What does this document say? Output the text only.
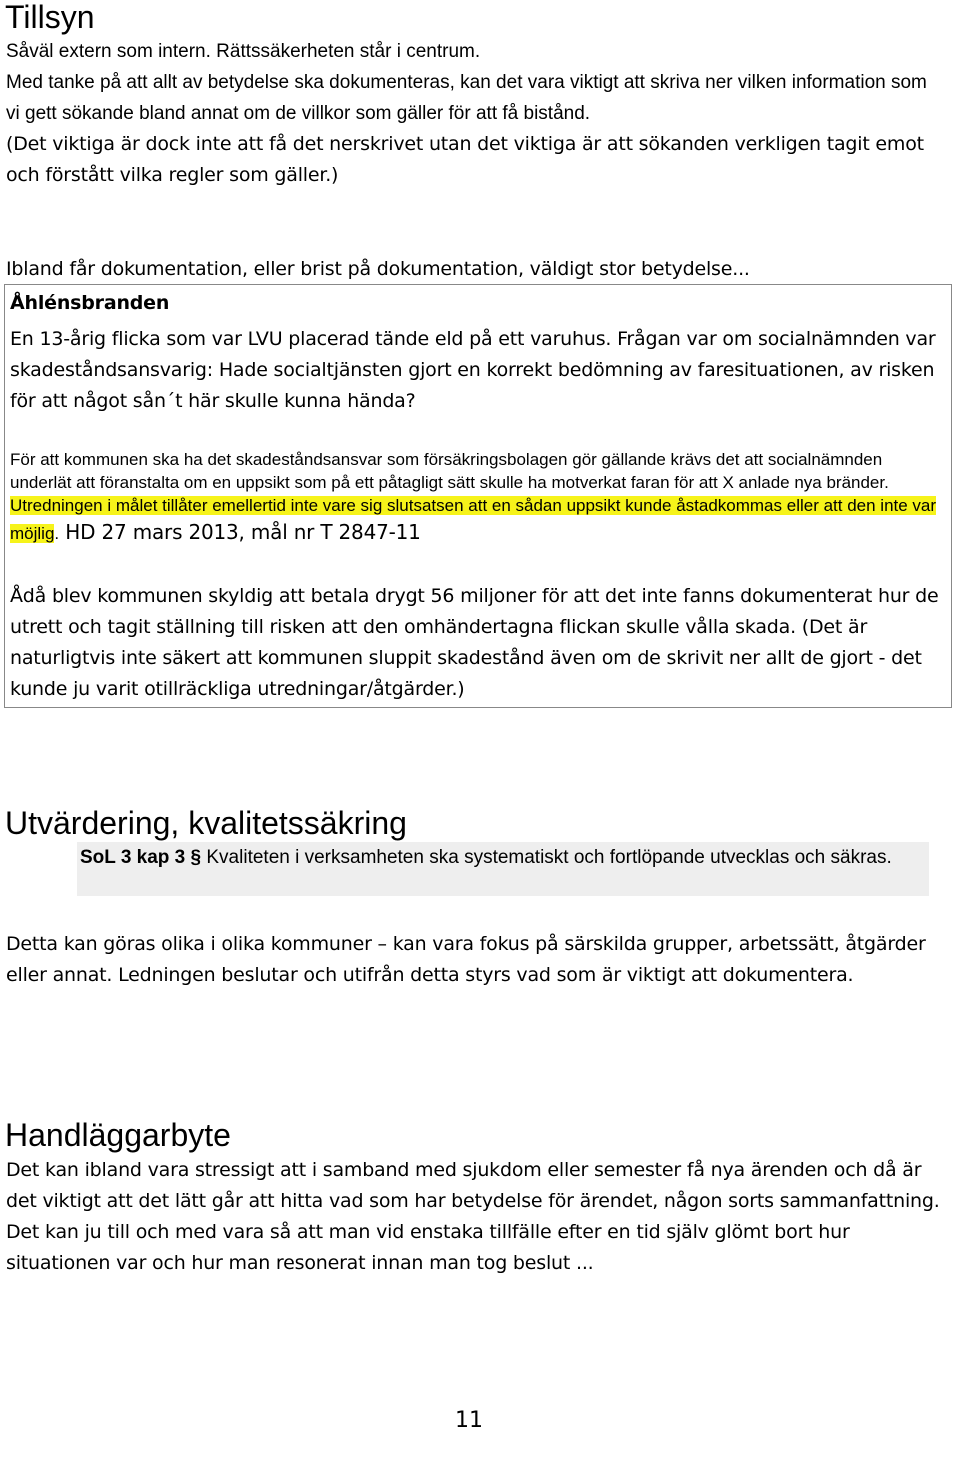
Tillsyn

Såväl extern som intern. Rättssäkerheten står i centrum.

Med tanke på att allt av betydelse ska dokumenteras, kan det vara viktigt att skriva ner vilken information som vi gett sökande bland annat om de villkor som gäller för att få bistånd.

(Det viktiga är dock inte att få det nerskrivet utan det viktiga är att sökanden verkligen tagit emot och förstått vilka regler som gäller.)

Ibland får dokumentation, eller brist på dokumentation, väldigt stor betydelse...

Åhlénsbranden

En 13-årig flicka som var LVU placerad tände eld på ett varuhus. Frågan var om socialnämnden var skadeståndsansvarig: Hade socialtjänsten gjort en korrekt bedömning av faresituationen, av risken för att något sån´t här skulle kunna hända?

För att kommunen ska ha det skadeståndsansvar som försäkringsbolagen gör gällande krävs det att socialnämnden underlät att föranstalta om en uppsikt som på ett påtagligt sätt skulle ha motverkat faran för att X anlade nya bränder. Utredningen i målet tillåter emellertid inte vare sig slutsatsen att en sådan uppsikt kunde åstadkommas eller att den inte var möjlig. HD 27 mars 2013, mål nr T 2847-11

Ådå blev kommunen skyldig att betala drygt 56 miljoner för att det inte fanns dokumenterat hur de utrett och tagit ställning till risken att den omhändertagna flickan skulle vålla skada. (Det är naturligtvis inte säkert att kommunen sluppit skadestånd även om de skrivit ner allt de gjort - det kunde ju varit otillräckliga utredningar/åtgärder.)

Utvärdering, kvalitetssäkring
SoL 3 kap 3 § Kvaliteten i verksamheten ska systematiskt och fortlöpande utvecklas och säkras.

Detta kan göras olika i olika kommuner – kan vara fokus på särskilda grupper, arbetssätt, åtgärder eller annat. Ledningen beslutar och utifrån detta styrs vad som är viktigt att dokumentera.

Handläggarbyte

Det kan ibland vara stressigt att i samband med sjukdom eller semester få nya ärenden och då är det viktigt att det lätt går att hitta vad som har betydelse för ärendet, någon sorts sammanfattning. Det kan ju till och med vara så att man vid enstaka tillfälle efter en tid själv glömt bort hur situationen var och hur man resonerat innan man tog beslut ...

11
